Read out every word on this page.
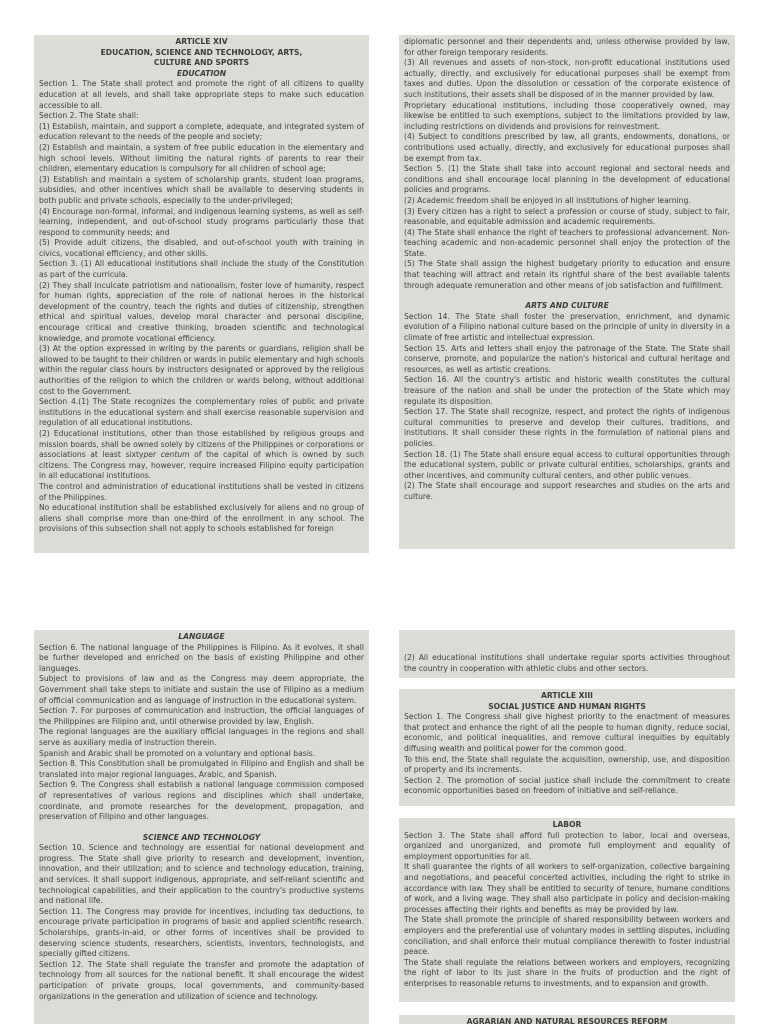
ARTICLE XIV

EDUCATION, SCIENCE AND TECHNOLOGY, ARTS,

CULTURE AND SPORTS

EDUCATION

Section 1. The State shall protect and promote the right of all citizens to quality education at all levels, and shall take appropriate steps to make such education accessible to all.

Section 2. The State shall:

(1) Establish, maintain, and support a complete, adequate, and integrated system of education relevant to the needs of the people and society;

(2) Establish and maintain, a system of free public education in the elementary and high school levels. Without limiting the natural rights of parents to rear their children, elementary education is compulsory for all children of school age;

(3) Establish and maintain a system of scholarship grants, student loan programs, subsidies, and other incentives which shall be available to deserving students in both public and private schools, especially to the under-privileged;

(4) Encourage non-formal, informal, and indigenous learning systems, as well as self-learning, independent, and out-of-school study programs particularly those that respond to community needs; and

(5) Provide adult citizens, the disabled, and out-of-school youth with training in civics, vocational efficiency, and other skills.

Section 3. (1) All educational institutions shall include the study of the Constitution as part of the curricula.

(2) They shall inculcate patriotism and nationalism, foster love of humanity, respect for human rights, appreciation of the role of national heroes in the historical development of the country, teach the rights and duties of citizenship, strengthen ethical and spiritual values, develop moral character and personal discipline, encourage critical and creative thinking, broaden scientific and technological knowledge, and promote vocational efficiency.

(3) At the option expressed in writing by the parents or guardians, religion shall be allowed to be taught to their children or wards in public elementary and high schools within the regular class hours by instructors designated or approved by the religious authorities of the religion to which the children or wards belong, without additional cost to the Government.

Section 4.(1) The State recognizes the complementary roles of public and private institutions in the educational system and shall exercise reasonable supervision and regulation of all educational institutions.

(2) Educational institutions, other than those established by religious groups and mission boards, shall be owned solely by citizens of the Philippines or corporations or associations at least sixtyper centum of the capital of which is owned by such citizens. The Congress may, however, require increased Filipino equity participation in all educational institutions.

The control and administration of educational institutions shall be vested in citizens of the Philippines.

No educational institution shall be established exclusively for aliens and no group of aliens shall comprise more than one-third of the enrollment in any school. The provisions of this subsection shall not apply to schools established for foreign

diplomatic personnel and their dependents and, unless otherwise provided by law, for other foreign temporary residents.

(3) All revenues and assets of non-stock, non-profit educational institutions used actually, directly, and exclusively for educational purposes shall be exempt from taxes and duties. Upon the dissolution or cessation of the corporate existence of such institutions, their assets shall be disposed of in the manner provided by law.

Proprietary educational institutions, including those cooperatively owned, may likewise be entitled to such exemptions, subject to the limitations provided by law, including restrictions on dividends and provisions for reinvestment.

(4) Subject to conditions prescribed by law, all grants, endowments, donations, or contributions used actually, directly, and exclusively for educational purposes shall be exempt from tax.

Section 5. (1) the State shall take into account regional and sectoral needs and conditions and shall encourage local planning in the development of educational policies and programs.

(2) Academic freedom shall be enjoyed in all institutions of higher learning.

(3) Every citizen has a right to select a profession or course of study, subject to fair, reasonable, and equitable admission and academic requirements.

(4) The State shall enhance the right of teachers to professional advancement. Non-teaching academic and non-academic personnel shall enjoy the protection of the State.

(5) The State shall assign the highest budgetary priority to education and ensure that teaching will attract and retain its rightful share of the best available talents through adequate remuneration and other means of job satisfaction and fulfillment.

ARTS AND CULTURE

Section 14. The State shall foster the preservation, enrichment, and dynamic evolution of a Filipino national culture based on the principle of unity in diversity in a climate of free artistic and intellectual expression.

Section 15. Arts and letters shall enjoy the patronage of the State. The State shall conserve, promote, and popularize the nation's historical and cultural heritage and resources, as well as artistic creations.

Section 16. All the country's artistic and historic wealth constitutes the cultural treasure of the nation and shall be under the protection of the State which may regulate its disposition.

Section 17. The State shall recognize, respect, and protect the rights of indigenous cultural communities to preserve and develop their cultures, traditions, and institutions. It shall consider these rights in the formulation of national plans and policies.

Section 18. (1) The State shall ensure equal access to cultural opportunities through the educational system, public or private cultural entities, scholarships, grants and other incentives, and community cultural centers, and other public venues.

(2) The State shall encourage and support researches and studies on the arts and culture.

LANGUAGE

Section 6. The national language of the Philippines is Filipino. As it evolves, it shall be further developed and enriched on the basis of existing Philippine and other languages.

Subject to provisions of law and as the Congress may deem appropriate, the Government shall take steps to initiate and sustain the use of Filipino as a medium of official communication and as language of instruction in the educational system.

Section 7. For purposes of communication and instruction, the official languages of the Philippines are Filipino and, until otherwise provided by law, English.

The regional languages are the auxiliary official languages in the regions and shall serve as auxiliary media of instruction therein.

Spanish and Arabic shall be promoted on a voluntary and optional basis.

Section 8. This Constitution shall be promulgated in Filipino and English and shall be translated into major regional languages, Arabic, and Spanish.

Section 9. The Congress shall establish a national language commission composed of representatives of various regions and disciplines which shall undertake, coordinate, and promote researches for the development, propagation, and preservation of Filipino and other languages.

SCIENCE AND TECHNOLOGY

Section 10. Science and technology are essential for national development and progress. The State shall give priority to research and development, invention, innovation, and their utilization; and to science and technology education, training, and services. It shall support indigenous, appropriate, and self-reliant scientific and technological capabilities, and their application to the country's productive systems and national life.

Section 11. The Congress may provide for incentives, including tax deductions, to encourage private participation in programs of basic and applied scientific research. Scholarships, grants-in-aid, or other forms of incentives shall be provided to deserving science students, researchers, scientists, inventors, technologists, and specially gifted citizens.

Section 12. The State shall regulate the transfer and promote the adaptation of technology from all sources for the national benefit. It shall encourage the widest participation of private groups, local governments, and community-based organizations in the generation and utilization of science and technology.

(2) All educational institutions shall undertake regular sports activities throughout the country in cooperation with athletic clubs and other sectors.

ARTICLE XIII

SOCIAL JUSTICE AND HUMAN RIGHTS

Section 1. The Congress shall give highest priority to the enactment of measures that protect and enhance the right of all the people to human dignity, reduce social, economic, and political inequalities, and remove cultural inequities by equitably diffusing wealth and political power for the common good.

To this end, the State shall regulate the acquisition, ownership, use, and disposition of property and its increments.

Section 2. The promotion of social justice shall include the commitment to create economic opportunities based on freedom of initiative and self-reliance.

LABOR

Section 3. The State shall afford full protection to labor, local and overseas, organized and unorganized, and promote full employment and equality of employment opportunities for all.

It shall guarantee the rights of all workers to self-organization, collective bargaining and negotiations, and peaceful concerted activities, including the right to strike in accordance with law. They shall be entitled to security of tenure, humane conditions of work, and a living wage. They shall also participate in policy and decision-making processes affecting their rights and benefits as may be provided by law.

The State shall promote the principle of shared responsibility between workers and employers and the preferential use of voluntary modes in settling disputes, including conciliation, and shall enforce their mutual compliance therewith to foster industrial peace.

The State shall regulate the relations between workers and employers, recognizing the right of labor to its just share in the fruits of production and the right of enterprises to reasonable returns to investments, and to expansion and growth.

AGRARIAN AND NATURAL RESOURCES REFORM
